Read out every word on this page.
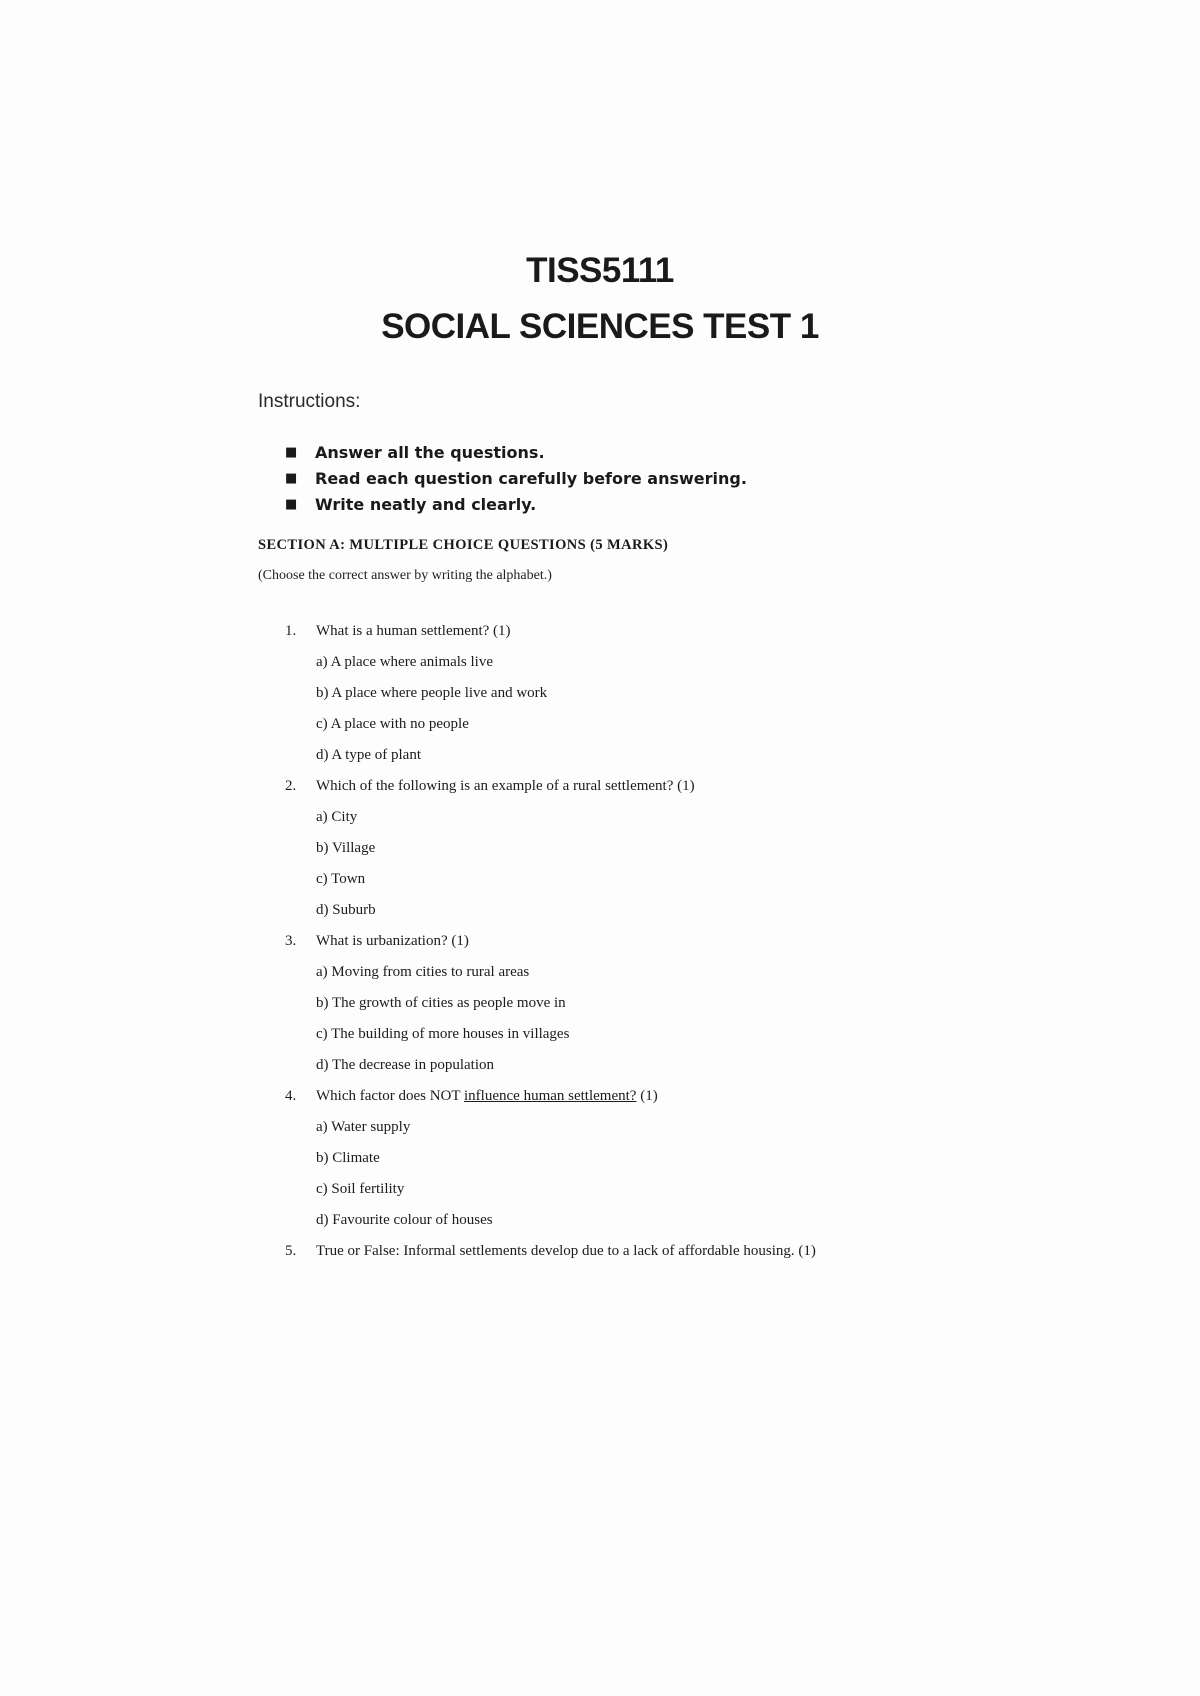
TISS5111
SOCIAL SCIENCES TEST 1
Instructions:
■	Answer all the questions.
■	Read each question carefully before answering.
■	Write neatly and clearly.
SECTION A: MULTIPLE CHOICE QUESTIONS (5 MARKS)
(Choose the correct answer by writing the alphabet.)
1. What is a human settlement? (1)
a) A place where animals live
b) A place where people live and work
c) A place with no people
d) A type of plant
2. Which of the following is an example of a rural settlement? (1)
a) City
b) Village
c) Town
d) Suburb
3. What is urbanization? (1)
a) Moving from cities to rural areas
b) The growth of cities as people move in
c) The building of more houses in villages
d) The decrease in population
4. Which factor does NOT influence human settlement? (1)
a) Water supply
b) Climate
c) Soil fertility
d) Favourite colour of houses
5. True or False: Informal settlements develop due to a lack of affordable housing. (1)
